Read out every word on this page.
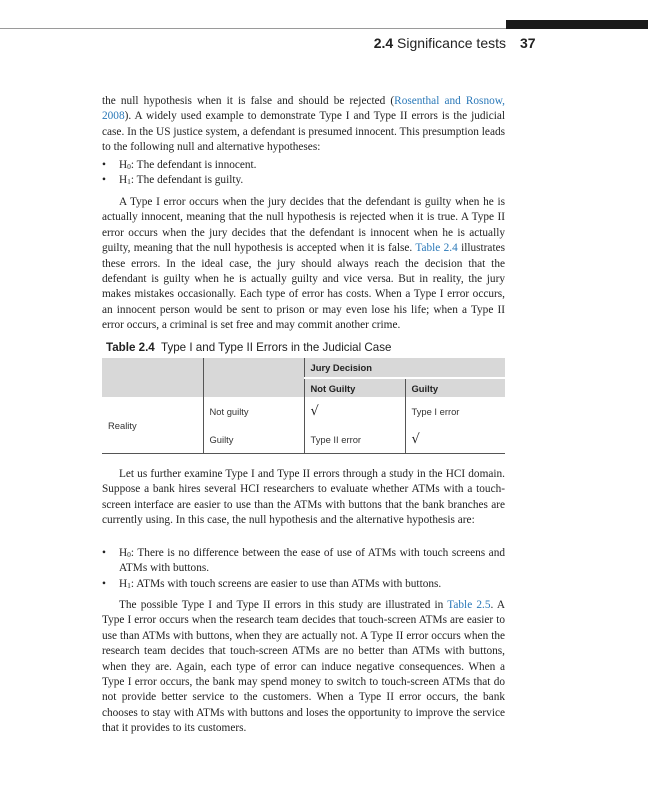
2.4 Significance tests 37

the null hypothesis when it is false and should be rejected (Rosenthal and Rosnow, 2008). A widely used example to demonstrate Type I and Type II errors is the judicial case. In the US justice system, a defendant is presumed innocent. This presumption leads to the following null and alternative hypotheses:

• $H_0$: The defendant is innocent.
• $H_1$: The defendant is guilty.

A Type I error occurs when the jury decides that the defendant is guilty when he is actually innocent, meaning that the null hypothesis is rejected when it is true. A Type II error occurs when the jury decides that the defendant is innocent when he is actually guilty, meaning that the null hypothesis is accepted when it is false. Table 2.4 illustrates these errors. In the ideal case, the jury should always reach the decision that the defendant is guilty when he is actually guilty and vice versa. But in reality, the jury makes mistakes occasionally. Each type of error has costs. When a Type I error occurs, an innocent person would be sent to prison or may even lose his life; when a Type II error occurs, a criminal is set free and may commit another crime.

Table 2.4 Type I and Type II Errors in the Judicial Case
		Jury Decision	
		Not Guilty	Guilty
Reality	Not guilty	√	Type I error
	Guilty	Type II error	√

Let us further examine Type I and Type II errors through a study in the HCI domain. Suppose a bank hires several HCI researchers to evaluate whether ATMs with a touch-screen interface are easier to use than the ATMs with buttons that the bank branches are currently using. In this case, the null hypothesis and the alternative hypothesis are:

• $H_0$: There is no difference between the ease of use of ATMs with touch screens and ATMs with buttons.
• $H_1$: ATMs with touch screens are easier to use than ATMs with buttons.

The possible Type I and Type II errors in this study are illustrated in Table 2.5. A Type I error occurs when the research team decides that touch-screen ATMs are easier to use than ATMs with buttons, when they are actually not. A Type II error occurs when the research team decides that touch-screen ATMs are no better than ATMs with buttons, when they are. Again, each type of error can induce negative consequences. When a Type I error occurs, the bank may spend money to switch to touch-screen ATMs that do not provide better service to the customers. When a Type II error occurs, the bank chooses to stay with ATMs with buttons and loses the opportunity to improve the service that it provides to its customers.
